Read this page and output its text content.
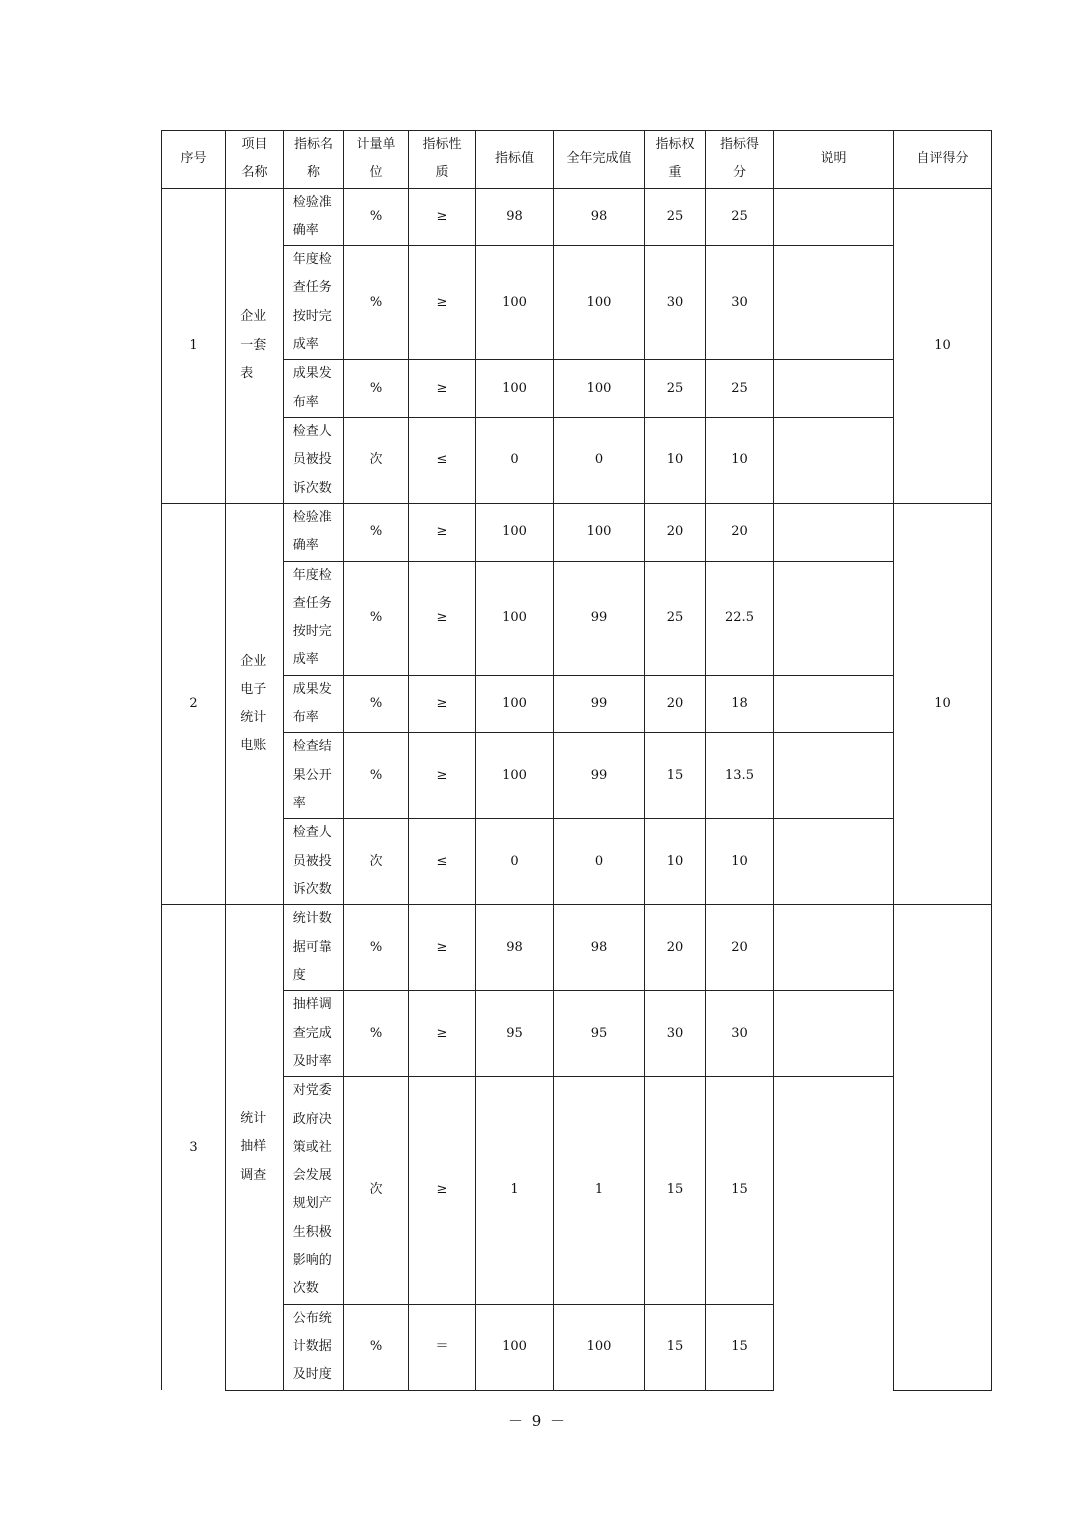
序号	项目名称	指标名称	计量单位	指标性质	指标值	全年完成值	指标权重	指标得分	说明	自评得分
1	企业一套表	检验准确率	%	≥	98	98	25	25		10
		年度检查任务按时完成率	%	≥	100	100	30	30		
		成果发布率	%	≥	100	100	25	25		
		检查人员被投诉次数	次	≤	0	0	10	10		
2	企业电子统计电账	检验准确率	%	≥	100	100	20	20		10
		年度检查任务按时完成率	%	≥	100	99	25	22.5		
		成果发布率	%	≥	100	99	20	18		
		检查结果公开率	%	≥	100	99	15	13.5		
		检查人员被投诉次数	次	≤	0	0	10	10		
3	统计抽样调查	统计数据可靠度	%	≥	98	98	20	20		
		抽样调查完成及时率	%	≥	95	95	30	30		
		对党委政府决策或社会发展规划产生积极影响的次数	次	≥	1	1	15	15		
		公布统计数据及时度	%	＝	100	100	15	15		
－ 9 －
